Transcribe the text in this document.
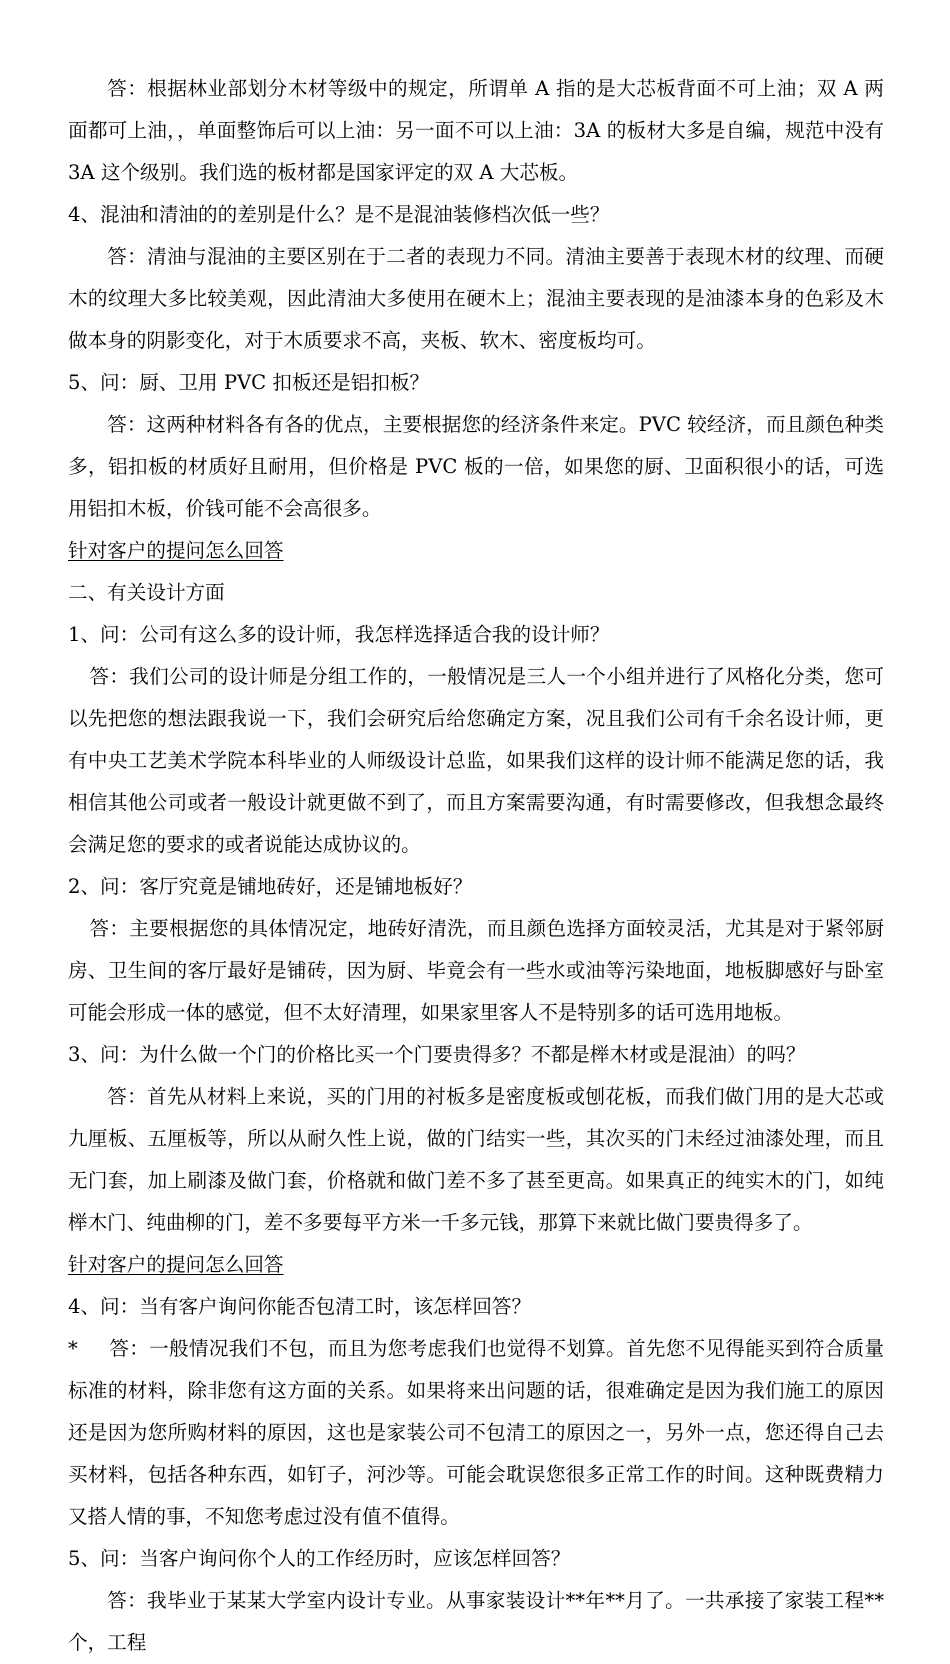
答：根据林业部划分木材等级中的规定，所谓单 A 指的是大芯板背面不可上油；双 A 两面都可上油，，单面整饰后可以上油：另一面不可以上油：3A 的板材大多是自编，规范中没有 3A 这个级别。我们选的板材都是国家评定的双 A 大芯板。

4、混油和清油的的差别是什么？是不是混油装修档次低一些？

答：清油与混油的主要区别在于二者的表现力不同。清油主要善于表现木材的纹理、而硬木的纹理大多比较美观，因此清油大多使用在硬木上；混油主要表现的是油漆本身的色彩及木做本身的阴影变化，对于木质要求不高，夹板、软木、密度板均可。

5、问：厨、卫用 PVC 扣板还是铝扣板？

答：这两种材料各有各的优点，主要根据您的经济条件来定。PVC 较经济，而且颜色种类多，铝扣板的材质好且耐用，但价格是 PVC 板的一倍，如果您的厨、卫面积很小的话，可选用铝扣木板，价钱可能不会高很多。

针对客户的提问怎么回答

二、有关设计方面

1、问：公司有这么多的设计师，我怎样选择适合我的设计师？

答：我们公司的设计师是分组工作的，一般情况是三人一个小组并进行了风格化分类，您可以先把您的想法跟我说一下，我们会研究后给您确定方案，况且我们公司有千余名设计师，更有中央工艺美术学院本科毕业的人师级设计总监，如果我们这样的设计师不能满足您的话，我相信其他公司或者一般设计就更做不到了，而且方案需要沟通，有时需要修改，但我想念最终会满足您的要求的或者说能达成协议的。

2、问：客厅究竟是铺地砖好，还是铺地板好？

答：主要根据您的具体情况定，地砖好清洗，而且颜色选择方面较灵活，尤其是对于紧邻厨房、卫生间的客厅最好是铺砖，因为厨、毕竟会有一些水或油等污染地面，地板脚感好与卧室可能会形成一体的感觉，但不太好清理，如果家里客人不是特别多的话可选用地板。

3、问：为什么做一个门的价格比买一个门要贵得多？不都是榉木材或是混油）的吗？

答：首先从材料上来说，买的门用的衬板多是密度板或刨花板，而我们做门用的是大芯或九厘板、五厘板等，所以从耐久性上说，做的门结实一些，其次买的门未经过油漆处理，而且无门套，加上刷漆及做门套，价格就和做门差不多了甚至更高。如果真正的纯实木的门，如纯榉木门、纯曲柳的门，差不多要每平方米一千多元钱，那算下来就比做门要贵得多了。

针对客户的提问怎么回答

4、问：当有客户询问你能否包清工时，该怎样回答？

* 答：一般情况我们不包，而且为您考虑我们也觉得不划算。首先您不见得能买到符合质量标准的材料，除非您有这方面的关系。如果将来出问题的话，很难确定是因为我们施工的原因还是因为您所购材料的原因，这也是家装公司不包清工的原因之一，另外一点，您还得自己去买材料，包括各种东西，如钉子，河沙等。可能会耽误您很多正常工作的时间。这种既费精力又搭人情的事，不知您考虑过没有值不值得。

5、问：当客户询问你个人的工作经历时，应该怎样回答？

答：我毕业于某某大学室内设计专业。从事家装设计**年**月了。一共承接了家装工程**个，工程
